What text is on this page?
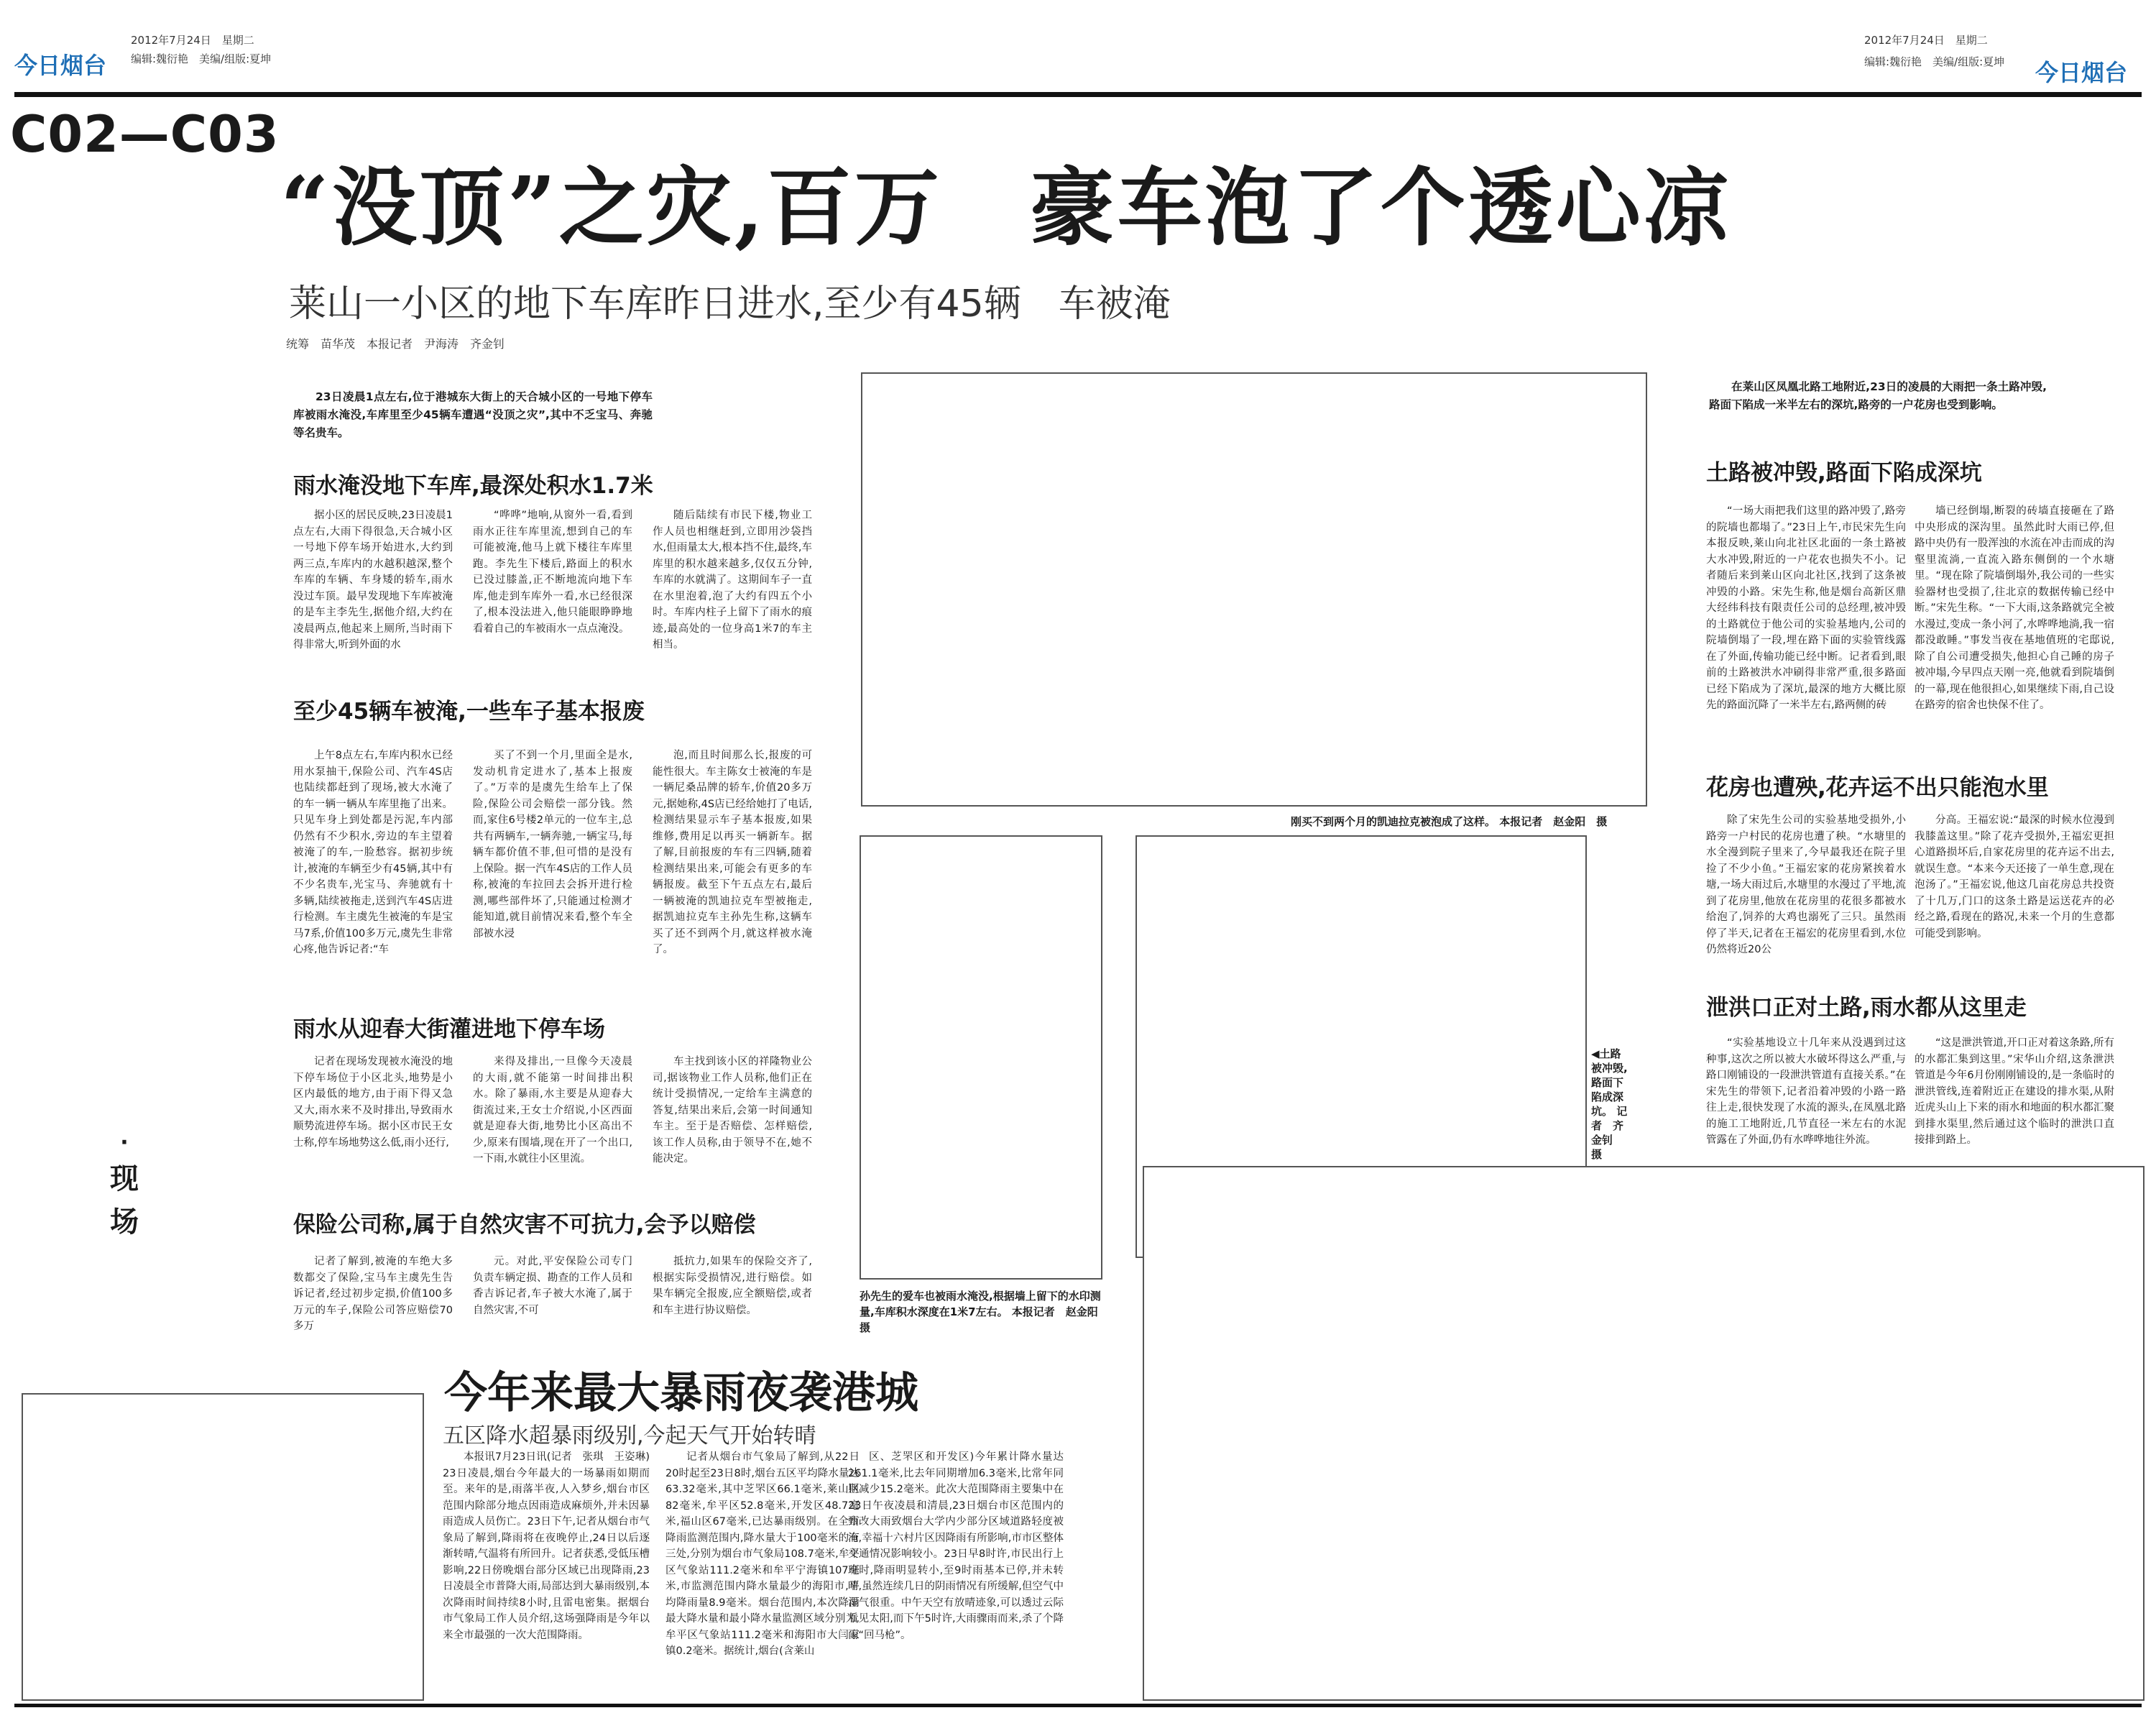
今日烟台
2012年7月24日　星期二
编辑:魏衍艳　美编/组版:夏坤
2012年7月24日　星期二
编辑:魏衍艳　美编/组版:夏坤 今日烟台
C02—C03
·
现
场
“没顶”之灾,百万　豪车泡了个透心凉
莱山一小区的地下车库昨日进水,至少有45辆　车被淹
统筹　苗华茂　本报记者　尹海涛　齐金钊
23日凌晨1点左右,位于港城东大街上的天合城小区的一号地下停车库被雨水淹没,车库里至少45辆车遭遇“没顶之灾”,其中不乏宝马、奔驰等名贵车。
雨水淹没地下车库,最深处积水1.7米
据小区的居民反映,23日凌晨1点左右,大雨下得很急,天合城小区一号地下停车场开始进水,大约到两三点,车库内的水越积越深,整个车库的车辆、车身矮的轿车,雨水没过车顶。最早发现地下车库被淹的是车主李先生,据他介绍,大约在凌晨两点,他起来上厕所,当时雨下得非常大,听到外面的水
“哗哗”地响,从窗外一看,看到雨水正往车库里流,想到自己的车可能被淹,他马上就下楼往车库里跑。李先生下楼后,路面上的积水已没过膝盖,正不断地流向地下车库,他走到车库外一看,水已经很深了,根本没法进入,他只能眼睁睁地看着自己的车被雨水一点点淹没。
随后陆续有市民下楼,物业工作人员也相继赶到,立即用沙袋挡水,但雨量太大,根本挡不住,最终,车库里的积水越来越多,仅仅五分钟,车库的水就满了。这期间车子一直在水里泡着,泡了大约有四五个小时。车库内柱子上留下了雨水的痕迹,最高处的一位身高1米7的车主相当。
至少45辆车被淹,一些车子基本报废
上午8点左右,车库内积水已经用水泵抽干,保险公司、汽车4S店也陆续都赶到了现场,被大水淹了的车一辆一辆从车库里拖了出来。只见车身上到处都是污泥,车内部仍然有不少积水,旁边的车主望着被淹了的车,一脸愁容。据初步统计,被淹的车辆至少有45辆,其中有不少名贵车,光宝马、奔驰就有十多辆,陆续被拖走,送到汽车4S店进行检测。车主虞先生被淹的车是宝马7系,价值100多万元,虞先生非常心疼,他告诉记者:“车
买了不到一个月,里面全是水,发动机肯定进水了,基本上报废了。”万幸的是虞先生给车上了保险,保险公司会赔偿一部分钱。然而,家住6号楼2单元的一位车主,总共有两辆车,一辆奔驰,一辆宝马,每辆车都价值不菲,但可惜的是没有上保险。据一汽车4S店的工作人员称,被淹的车拉回去会拆开进行检测,哪些部件坏了,只能通过检测才能知道,就目前情况来看,整个车全部被水浸
泡,而且时间那么长,报废的可能性很大。车主陈女士被淹的车是一辆尼桑品牌的轿车,价值20多万元,据她称,4S店已经给她打了电话,检测结果显示车子基本报废,如果维修,费用足以再买一辆新车。据了解,目前报废的车有三四辆,随着检测结果出来,可能会有更多的车辆报废。截至下午五点左右,最后一辆被淹的凯迪拉克车型被拖走,据凯迪拉克车主孙先生称,这辆车买了还不到两个月,就这样被水淹了。
雨水从迎春大街灌进地下停车场
记者在现场发现被水淹没的地下停车场位于小区北头,地势是小区内最低的地方,由于雨下得又急又大,雨水来不及时排出,导致雨水顺势流进停车场。据小区市民王女士称,停车场地势这么低,雨小还行,
来得及排出,一旦像今天凌晨的大雨,就不能第一时间排出积水。除了暴雨,水主要是从迎春大街流过来,王女士介绍说,小区西面就是迎春大街,地势比小区高出不少,原来有围墙,现在开了一个出口,一下雨,水就往小区里流。
车主找到该小区的祥隆物业公司,据该物业工作人员称,他们正在统计受损情况,一定给车主满意的答复,结果出来后,会第一时间通知车主。至于是否赔偿、怎样赔偿,该工作人员称,由于领导不在,她不能决定。
保险公司称,属于自然灾害不可抗力,会予以赔偿
记者了解到,被淹的车绝大多数都交了保险,宝马车主虞先生告诉记者,经过初步定损,价值100多万元的车子,保险公司答应赔偿70多万
元。对此,平安保险公司专门负责车辆定损、勘查的工作人员和香吉诉记者,车子被大水淹了,属于自然灾害,不可
抵抗力,如果车的保险交齐了,根据实际受损情况,进行赔偿。如果车辆完全报废,应全额赔偿,或者和车主进行协议赔偿。
刚买不到两个月的凯迪拉克被泡成了这样。 本报记者　赵金阳　摄
孙先生的爱车也被雨水淹没,根据墙上留下的水印测量,车库积水深度在1米7左右。 本报记者　赵金阳　摄
◀土路被冲毁,路面下陷成深坑。 记者　齐金钊　摄
在莱山区凤凰北路工地附近,23日的凌晨的大雨把一条土路冲毁,路面下陷成一米半左右的深坑,路旁的一户花房也受到影响。
土路被冲毁,路面下陷成深坑
“一场大雨把我们这里的路冲毁了,路旁的院墙也都塌了。”23日上午,市民宋先生向本报反映,莱山向北社区北面的一条土路被大水冲毁,附近的一户花农也损失不小。记者随后来到莱山区向北社区,找到了这条被冲毁的小路。宋先生称,他是烟台高新区鼎大经纬科技有限责任公司的总经理,被冲毁的土路就位于他公司的实验基地内,公司的院墙倒塌了一段,埋在路下面的实验管线露在了外面,传输功能已经中断。记者看到,眼前的土路被洪水冲刷得非常严重,很多路面已经下陷成为了深坑,最深的地方大概比原先的路面沉降了一米半左右,路两侧的砖
墙已经倒塌,断裂的砖墙直接砸在了路中央形成的深沟里。虽然此时大雨已停,但路中央仍有一股浑浊的水流在冲击而成的沟壑里流淌,一直流入路东侧倒的一个水塘里。“现在除了院墙倒塌外,我公司的一些实验器材也受损了,往北京的数据传输已经中断。”宋先生称。“一下大雨,这条路就完全被水漫过,变成一条小河了,水哗哗地淌,我一宿都没敢睡。”事发当夜在基地值班的宅邸说,除了自公司遭受损失,他担心自己睡的房子被冲塌,今早四点天刚一亮,他就看到院墙倒的一幕,现在他很担心,如果继续下雨,自己设在路旁的宿舍也快保不住了。
花房也遭殃,花卉运不出只能泡水里
除了宋先生公司的实验基地受损外,小路旁一户村民的花房也遭了秧。“水塘里的水全漫到院子里来了,今早最我还在院子里捡了不少小鱼。”王福宏家的花房紧挨着水塘,一场大雨过后,水塘里的水漫过了平地,流到了花房里,他放在花房里的花很多都被水给泡了,饲养的大鸡也溺死了三只。虽然雨停了半天,记者在王福宏的花房里看到,水位仍然将近20公
分高。王福宏说:“最深的时候水位漫到我膝盖这里。”除了花卉受损外,王福宏更担心道路损坏后,自家花房里的花卉运不出去,就误生意。“本来今天还接了一单生意,现在泡汤了。”王福宏说,他这几亩花房总共投资了十几万,门口的这条土路是运送花卉的必经之路,看现在的路况,未来一个月的生意都可能受到影响。
泄洪口正对土路,雨水都从这里走
“实验基地设立十几年来从没遇到过这种事,这次之所以被大水破坏得这么严重,与路口刚铺设的一段泄洪管道有直接关系。”在宋先生的带领下,记者沿着冲毁的小路一路往上走,很快发现了水流的源头,在凤凰北路的施工工地附近,几节直径一米左右的水泥管露在了外面,仍有水哗哗地往外流。
“这是泄洪管道,开口正对着这条路,所有的水都汇集到这里。”宋华山介绍,这条泄洪管道是今年6月份刚刚铺设的,是一条临时的泄洪管线,连着附近正在建设的排水渠,从附近虎头山上下来的雨水和地面的积水都汇聚到排水渠里,然后通过这个临时的泄洪口直接排到路上。
今年来最大暴雨夜袭港城
五区降水超暴雨级别,今起天气开始转晴
本报讯7月23日讯(记者　张琪　王姿琳)　23日凌晨,烟台今年最大的一场暴雨如期而至。来年的是,雨落半夜,人入梦乡,烟台市区范围内除部分地点因雨造成麻烦外,并未因暴雨造成人员伤亡。23日下午,记者从烟台市气象局了解到,降雨将在夜晚停止,24日以后逐渐转晴,气温将有所回升。记者获悉,受低压槽影响,22日傍晚烟台部分区域已出现降雨,23日凌晨全市普降大雨,局部达到大暴雨级别,本次降雨时间持续8小时,且雷电密集。据烟台市气象局工作人员介绍,这场强降雨是今年以来全市最强的一次大范围降雨。
记者从烟台市气象局了解到,从22日20时起至23日8时,烟台五区平均降水量达63.32毫米,其中芝罘区66.1毫米,莱山区82毫米,牟平区52.8毫米,开发区48.7毫米,福山区67毫米,已达暴雨级别。在全市降雨监测范围内,降水量大于100毫米的有三处,分别为烟台市气象局108.7毫米,牟平区气象站111.2毫米和牟平宁海镇107毫米,市监测范围内降水量最少的海阳市,平均降雨量8.9毫米。烟台范围内,本次降雨最大降水量和最小降水量监测区域分别为,牟平区气象站111.2毫米和海阳市大闫家镇0.2毫米。据统计,烟台(含莱山
区、芝罘区和开发区)今年累计降水量达261.1毫米,比去年同期增加6.3毫米,比常年同期减少15.2毫米。此次大范围降雨主要集中在23日午夜凌晨和清晨,23日烟台市区范围内的甄改大雨致烟台大学内少部分区域道路轻度被淹,幸福十六村片区因降雨有所影响,市市区整体交通情况影响较小。23日早8时许,市民出行上班时,降雨明显转小,至9时雨基本已停,并未转晴,虽然连续几日的阴雨情况有所缓解,但空气中湿气很重。中午天空有放晴迹象,可以透过云际看见太阳,而下午5时许,大雨骤雨而来,杀了个降雨“回马枪”。
